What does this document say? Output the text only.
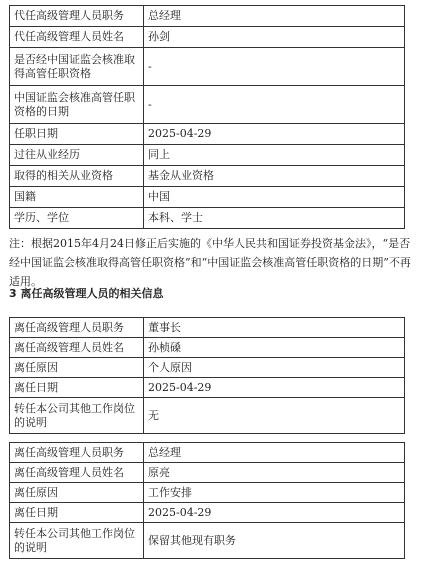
代任高级管理人员职务	总经理
代任高级管理人员姓名	孙剑
是否经中国证监会核准取得高管任职资格	-
中国证监会核准高管任职资格的日期	-
任职日期	2025-04-29
过往从业经历	同上
取得的相关从业资格	基金从业资格
国籍	中国
学历、学位	本科、学士

注：根据2015年4月24日修正后实施的《中华人民共和国证券投资基金法》，“是否经中国证监会核准取得高管任职资格”和“中国证监会核准高管任职资格的日期”不再适用。

3 离任高级管理人员的相关信息
离任高级管理人员职务	董事长
离任高级管理人员姓名	孙桢磉
离任原因	个人原因
离任日期	2025-04-29
转任本公司其他工作岗位的说明	无
离任高级管理人员职务	总经理
离任高级管理人员姓名	原亮
离任原因	工作安排
离任日期	2025-04-29
转任本公司其他工作岗位的说明	保留其他现有职务
